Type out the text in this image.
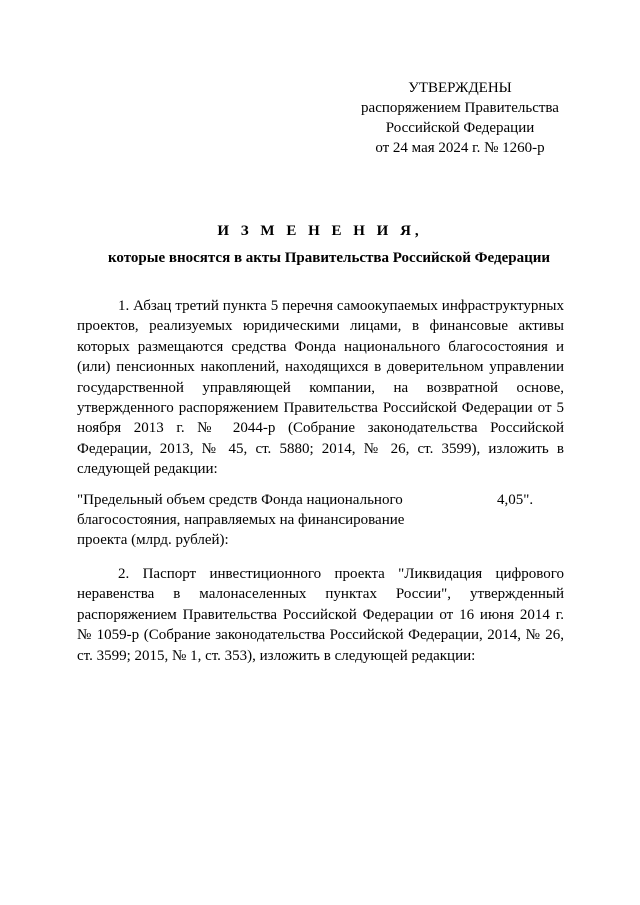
УТВЕРЖДЕНЫ
распоряжением Правительства
Российской Федерации
от 24 мая 2024 г. № 1260-р
И З М Е Н Е Н И Я,
которые вносятся в акты Правительства Российской Федерации
1. Абзац третий пункта 5 перечня самоокупаемых инфраструктурных проектов, реализуемых юридическими лицами, в финансовые активы которых размещаются средства Фонда национального благосостояния и (или) пенсионных накоплений, находящихся в доверительном управлении государственной управляющей компании, на возвратной основе, утвержденного распоряжением Правительства Российской Федерации от 5 ноября 2013 г. № 2044-р (Собрание законодательства Российской Федерации, 2013, № 45, ст. 5880; 2014, № 26, ст. 3599), изложить в следующей редакции:
"Предельный объем средств Фонда национального благосостояния, направляемых на финансирование проекта (млрд. рублей):
4,05".
2. Паспорт инвестиционного проекта "Ликвидация цифрового неравенства в малонаселенных пунктах России", утвержденный распоряжением Правительства Российской Федерации от 16 июня 2014 г. № 1059-р (Собрание законодательства Российской Федерации, 2014, № 26, ст. 3599; 2015, № 1, ст. 353), изложить в следующей редакции:
